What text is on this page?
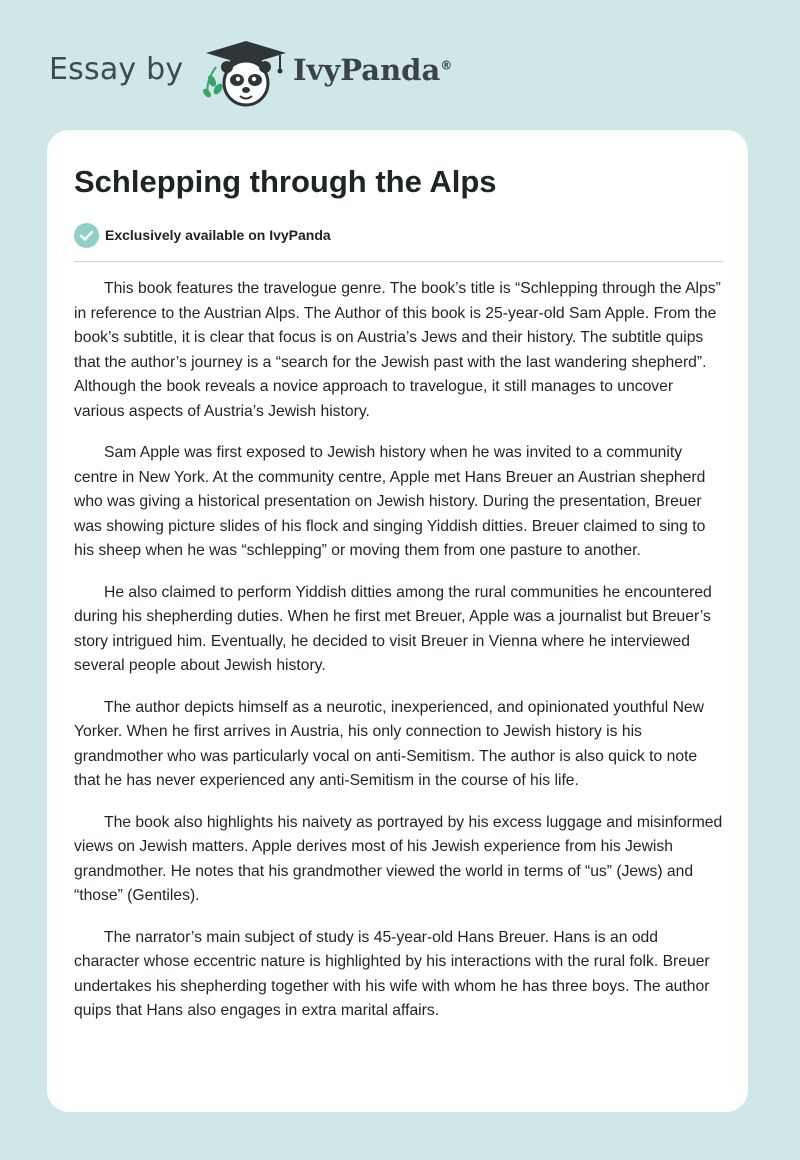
Essay by	IvyPanda®
Schlepping through the Alps
Exclusively available on IvyPanda

This book features the travelogue genre. The book’s title is “Schlepping through the Alps” in reference to the Austrian Alps. The Author of this book is 25-year-old Sam Apple. From the book’s subtitle, it is clear that focus is on Austria’s Jews and their history. The subtitle quips that the author’s journey is a “search for the Jewish past with the last wandering shepherd”. Although the book reveals a novice approach to travelogue, it still manages to uncover various aspects of Austria’s Jewish history.

Sam Apple was first exposed to Jewish history when he was invited to a community centre in New York. At the community centre, Apple met Hans Breuer an Austrian shepherd who was giving a historical presentation on Jewish history. During the presentation, Breuer was showing picture slides of his flock and singing Yiddish ditties. Breuer claimed to sing to his sheep when he was “schlepping” or moving them from one pasture to another.

He also claimed to perform Yiddish ditties among the rural communities he encountered during his shepherding duties. When he first met Breuer, Apple was a journalist but Breuer’s story intrigued him. Eventually, he decided to visit Breuer in Vienna where he interviewed several people about Jewish history.

The author depicts himself as a neurotic, inexperienced, and opinionated youthful New Yorker. When he first arrives in Austria, his only connection to Jewish history is his grandmother who was particularly vocal on anti-Semitism. The author is also quick to note that he has never experienced any anti-Semitism in the course of his life.

The book also highlights his naivety as portrayed by his excess luggage and misinformed views on Jewish matters. Apple derives most of his Jewish experience from his Jewish grandmother. He notes that his grandmother viewed the world in terms of “us” (Jews) and “those” (Gentiles).

The narrator’s main subject of study is 45-year-old Hans Breuer. Hans is an odd character whose eccentric nature is highlighted by his interactions with the rural folk. Breuer undertakes his shepherding together with his wife with whom he has three boys. The author quips that Hans also engages in extra marital affairs.
